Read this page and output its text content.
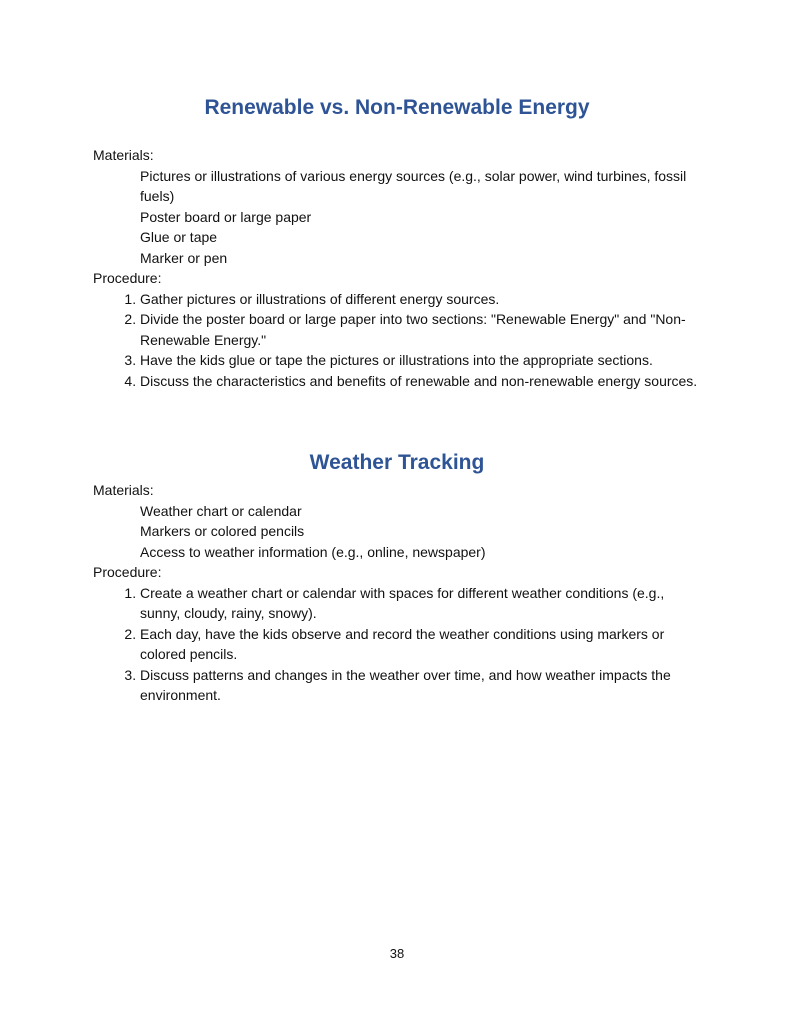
Renewable vs. Non-Renewable Energy
Materials:
Pictures or illustrations of various energy sources (e.g., solar power, wind turbines, fossil fuels)
Poster board or large paper
Glue or tape
Marker or pen
Procedure:
1. Gather pictures or illustrations of different energy sources.
2. Divide the poster board or large paper into two sections: "Renewable Energy" and "Non-Renewable Energy."
3. Have the kids glue or tape the pictures or illustrations into the appropriate sections.
4. Discuss the characteristics and benefits of renewable and non-renewable energy sources.
Weather Tracking
Materials:
Weather chart or calendar
Markers or colored pencils
Access to weather information (e.g., online, newspaper)
Procedure:
1. Create a weather chart or calendar with spaces for different weather conditions (e.g., sunny, cloudy, rainy, snowy).
2. Each day, have the kids observe and record the weather conditions using markers or colored pencils.
3. Discuss patterns and changes in the weather over time, and how weather impacts the environment.
38
